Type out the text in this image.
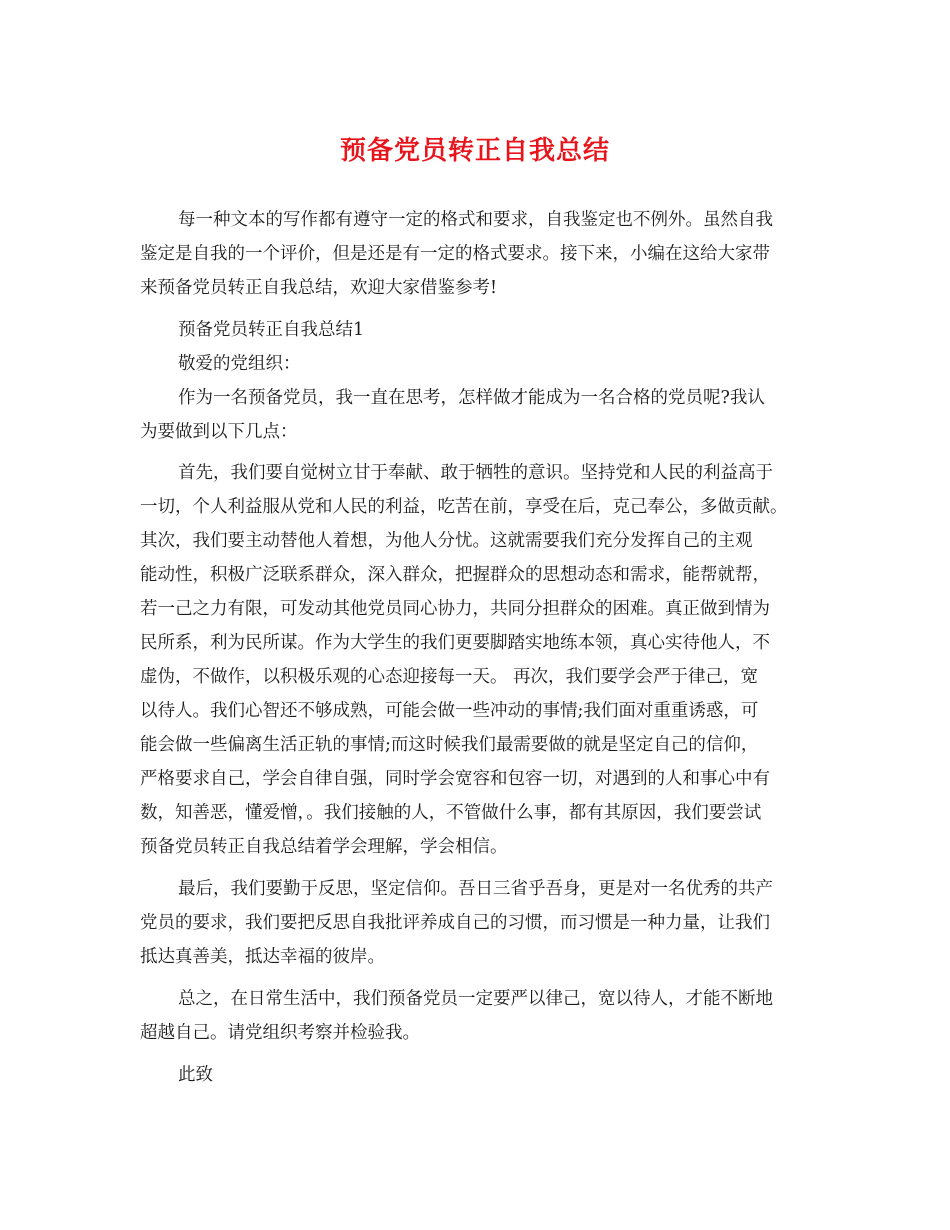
预备党员转正自我总结
每一种文本的写作都有遵守一定的格式和要求，自我鉴定也不例外。虽然自我
鉴定是自我的一个评价，但是还是有一定的格式要求。接下来，小编在这给大家带
来预备党员转正自我总结，欢迎大家借鉴参考!
预备党员转正自我总结1
敬爱的党组织：
作为一名预备党员，我一直在思考，怎样做才能成为一名合格的党员呢?我认
为要做到以下几点：
首先，我们要自觉树立甘于奉献、敢于牺牲的意识。坚持党和人民的利益高于
一切，个人利益服从党和人民的利益，吃苦在前，享受在后，克己奉公，多做贡献。
其次，我们要主动替他人着想，为他人分忧。这就需要我们充分发挥自己的主观
能动性，积极广泛联系群众，深入群众，把握群众的思想动态和需求，能帮就帮，
若一己之力有限，可发动其他党员同心协力，共同分担群众的困难。真正做到情为
民所系，利为民所谋。作为大学生的我们更要脚踏实地练本领，真心实待他人，不
虚伪，不做作，以积极乐观的心态迎接每一天。 再次，我们要学会严于律己，宽
以待人。我们心智还不够成熟，可能会做一些冲动的事情;我们面对重重诱惑，可
能会做一些偏离生活正轨的事情;而这时候我们最需要做的就是坚定自己的信仰，
严格要求自己，学会自律自强，同时学会宽容和包容一切，对遇到的人和事心中有
数，知善恶，懂爱憎，。我们接触的人，不管做什么事，都有其原因，我们要尝试
预备党员转正自我总结着学会理解，学会相信。
最后，我们要勤于反思，坚定信仰。吾日三省乎吾身，更是对一名优秀的共产
党员的要求，我们要把反思自我批评养成自己的习惯，而习惯是一种力量，让我们
抵达真善美，抵达幸福的彼岸。
总之，在日常生活中，我们预备党员一定要严以律己，宽以待人，才能不断地
超越自己。请党组织考察并检验我。
此致
